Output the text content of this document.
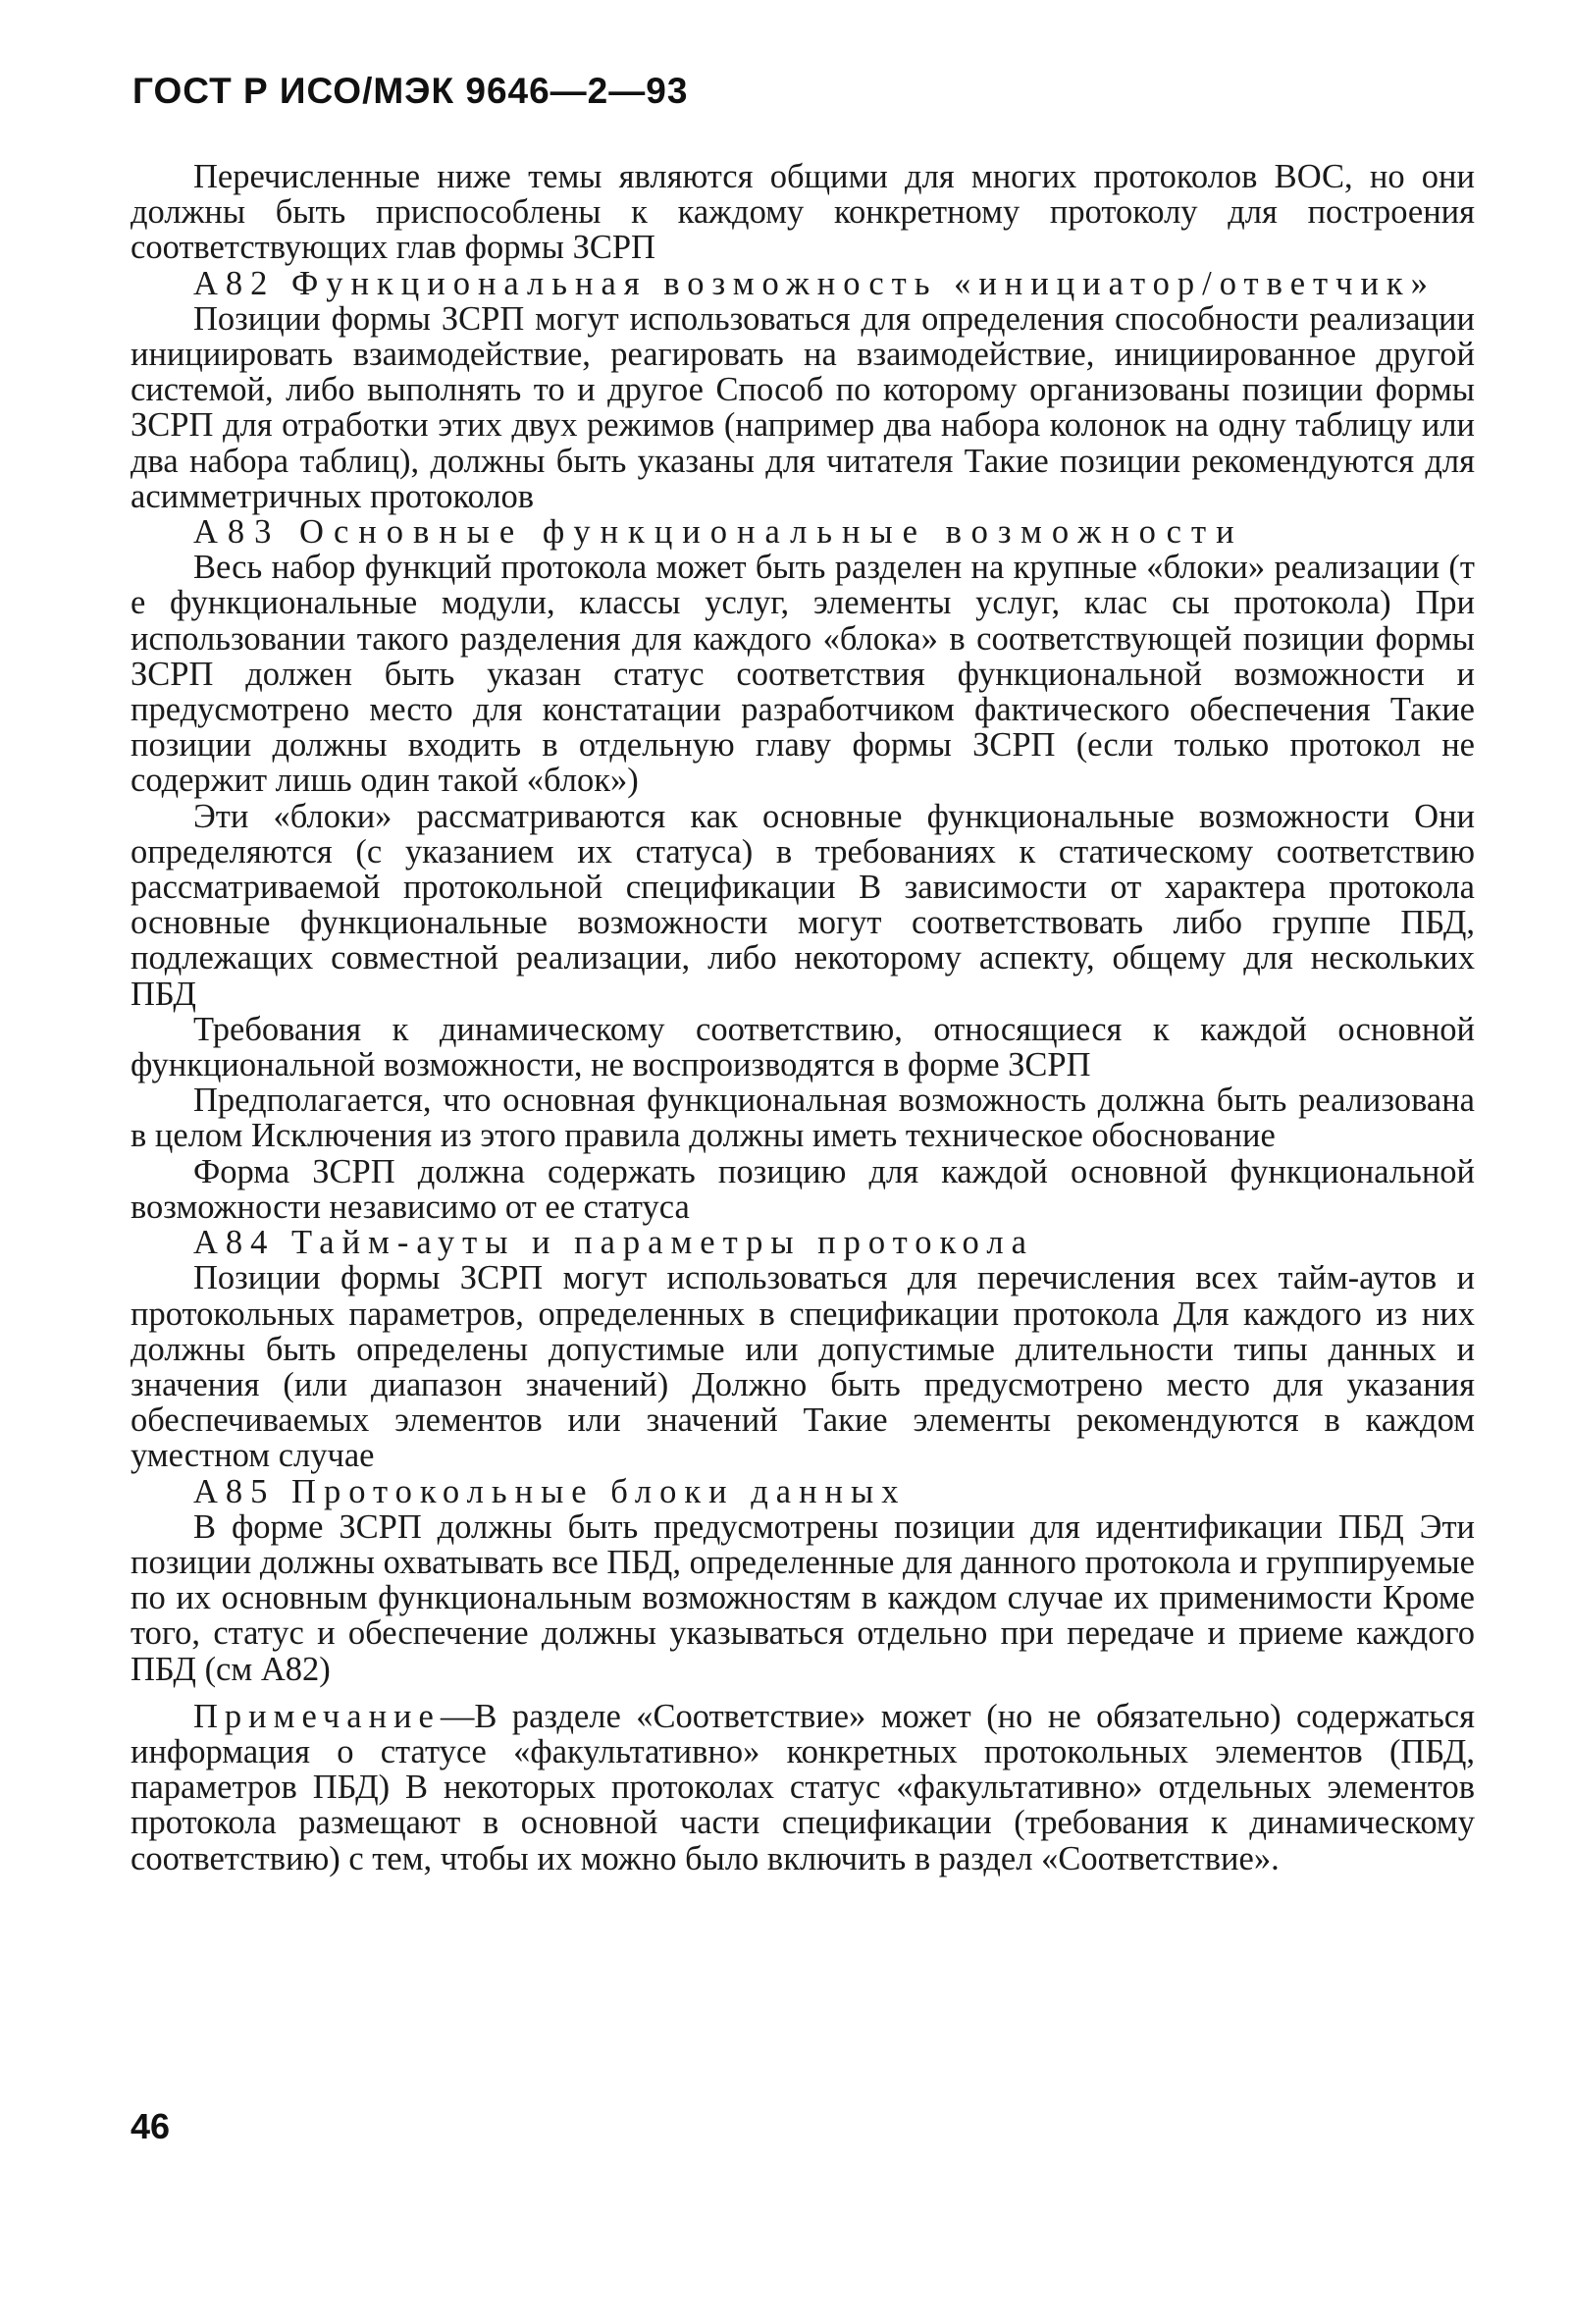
ГОСТ Р ИСО/МЭК 9646—2—93

Перечисленные ниже темы являются общими для многих протоколов ВОС, но они должны быть приспособлены к каждому конкретному протоколу для построения соответствующих глав формы ЗСРП

А82 Функциональная возможность «инициатор/ответчик»

Позиции формы ЗСРП могут использоваться для определения способности реализации инициировать взаимодействие, реагировать на взаимодействие, инициированное другой системой, либо выполнять то и другое Способ по которому организованы позиции формы ЗСРП для отработки этих двух режимов (например два набора колонок на одну таблицу или два набора таблиц), должны быть указаны для читателя Такие позиции рекомендуются для асимметричных протоколов

А83 Основные функциональные возможности

Весь набор функций протокола может быть разделен на крупные «блоки» реализации (т е функциональные модули, классы услуг, элементы услуг, клас сы протокола) При использовании такого разделения для каждого «блока» в соответствующей позиции формы ЗСРП должен быть указан статус соответствия функциональной возможности и предусмотрено место для констатации разработчиком фактического обеспечения Такие позиции должны входить в отдельную главу формы ЗСРП (если только протокол не содержит лишь один такой «блок»)

Эти «блоки» рассматриваются как основные функциональные возможности Они определяются (с указанием их статуса) в требованиях к статическому соответствию рассматриваемой протокольной спецификации В зависимости от характера протокола основные функциональные возможности могут соответствовать либо группе ПБД, подлежащих совместной реализации, либо некоторому аспекту, общему для нескольких ПБД

Требования к динамическому соответствию, относящиеся к каждой основной функциональной возможности, не воспроизводятся в форме ЗСРП

Предполагается, что основная функциональная возможность должна быть реализована в целом Исключения из этого правила должны иметь техническое обоснование

Форма ЗСРП должна содержать позицию для каждой основной функциональной возможности независимо от ее статуса

А84 Тайм-ауты и параметры протокола

Позиции формы ЗСРП могут использоваться для перечисления всех тайм-аутов и протокольных параметров, определенных в спецификации протокола Для каждого из них должны быть определены допустимые или допустимые длительности типы данных и значения (или диапазон значений) Должно быть предусмотрено место для указания обеспечиваемых элементов или значений Такие элементы рекомендуются в каждом уместном случае

А85 Протокольные блоки данных

В форме ЗСРП должны быть предусмотрены позиции для идентификации ПБД Эти позиции должны охватывать все ПБД, определенные для данного протокола и группируемые по их основным функциональным возможностям в каждом случае их применимости Кроме того, статус и обеспечение должны указываться отдельно при передаче и приеме каждого ПБД (см А82)

Примечание—В разделе «Соответствие» может (но не обязательно) содержаться информация о статусе «факультативно» конкретных протокольных элементов (ПБД, параметров ПБД) В некоторых протоколах статус «факультативно» отдельных элементов протокола размещают в основной части спецификации (требования к динамическому соответствию) с тем, чтобы их можно было включить в раздел «Соответствие».

46
